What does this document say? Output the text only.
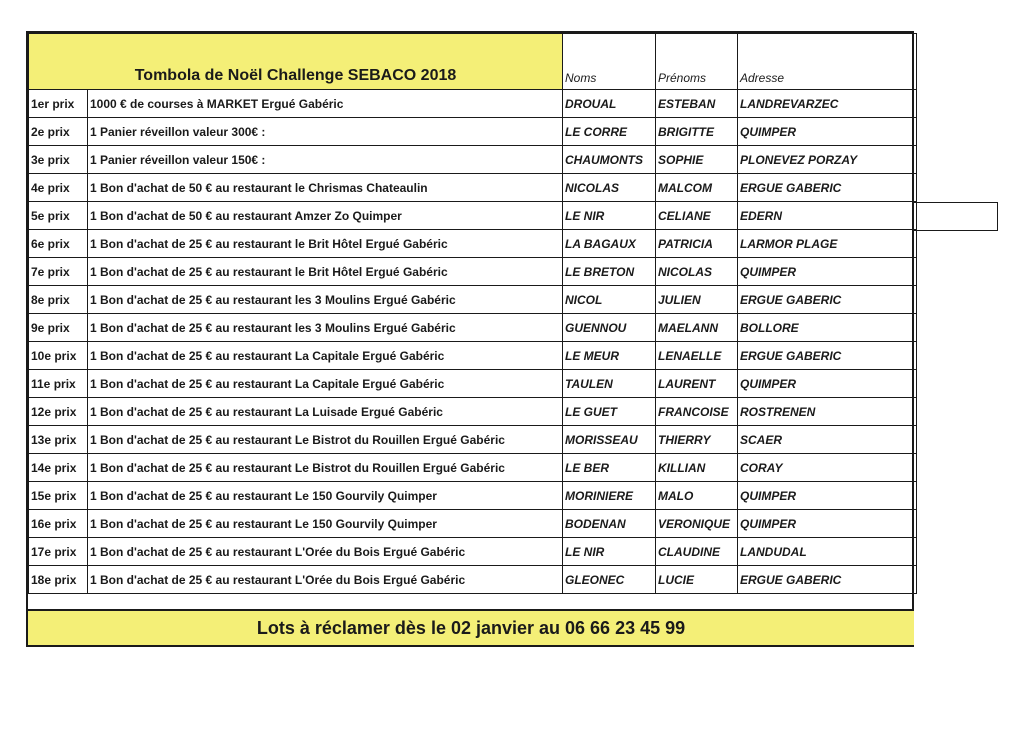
Tombola de Noël Challenge SEBACO 2018		Noms	Prénoms	Adresse
1er prix	1000 € de courses à MARKET Ergué Gabéric	DROUAL	ESTEBAN	LANDREVARZEC
2e prix	1 Panier réveillon valeur 300€ :	LE CORRE	BRIGITTE	QUIMPER
3e prix	1 Panier réveillon valeur 150€ :	CHAUMONTS	SOPHIE	PLONEVEZ PORZAY
4e prix	1 Bon d'achat de 50 € au restaurant le Chrismas Chateaulin	NICOLAS	MALCOM	ERGUE GABERIC
5e prix	1 Bon d'achat de 50 € au restaurant Amzer Zo Quimper	LE NIR	CELIANE	EDERN
6e prix	1 Bon d'achat de 25 € au restaurant le Brit Hôtel Ergué Gabéric	LA BAGAUX	PATRICIA	LARMOR PLAGE
7e prix	1 Bon d'achat de 25 € au restaurant le Brit Hôtel Ergué Gabéric	LE BRETON	NICOLAS	QUIMPER
8e prix	1 Bon d'achat de 25 € au restaurant les 3 Moulins Ergué Gabéric	NICOL	JULIEN	ERGUE GABERIC
9e prix	1 Bon d'achat de 25 € au restaurant les 3 Moulins Ergué Gabéric	GUENNOU	MAELANN	BOLLORE
10e prix	1 Bon d'achat de 25 € au restaurant La Capitale Ergué Gabéric	LE MEUR	LENAELLE	ERGUE GABERIC
11e prix	1 Bon d'achat de 25 € au restaurant La Capitale Ergué Gabéric	TAULEN	LAURENT	QUIMPER
12e prix	1 Bon d'achat de 25 € au restaurant La Luisade Ergué Gabéric	LE GUET	FRANCOISE	ROSTRENEN
13e prix	1 Bon d'achat de 25 € au restaurant Le Bistrot du Rouillen Ergué Gabéric	MORISSEAU	THIERRY	SCAER
14e prix	1 Bon d'achat de 25 € au restaurant Le Bistrot du Rouillen Ergué Gabéric	LE BER	KILLIAN	CORAY
15e prix	1 Bon d'achat de 25 € au restaurant Le 150 Gourvily Quimper	MORINIERE	MALO	QUIMPER
16e prix	1 Bon d'achat de 25 € au restaurant Le 150 Gourvily Quimper	BODENAN	VERONIQUE	QUIMPER
17e prix	1 Bon d'achat de 25 € au restaurant L'Orée du Bois Ergué Gabéric	LE NIR	CLAUDINE	LANDUDAL
18e prix	1 Bon d'achat de 25 € au restaurant L'Orée du Bois Ergué Gabéric	GLEONEC	LUCIE	ERGUE GABERIC
Lots à réclamer dès le 02 janvier au 06 66 23 45 99
